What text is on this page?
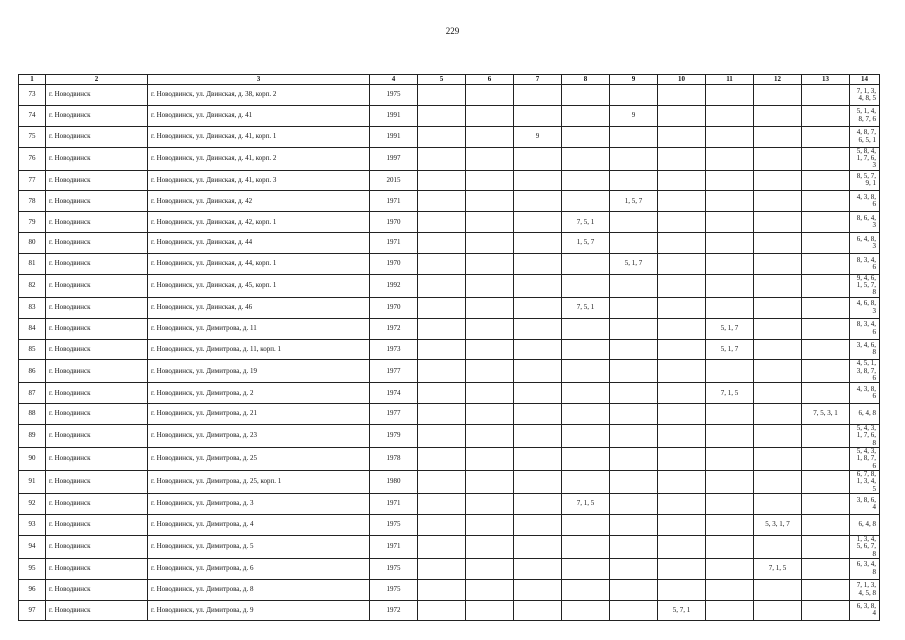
229
1	2	3	4	5	6	7	8	9	10	11	12	13	14
73	г. Новодвинск	г. Новодвинск, ул. Двинская, д. 38, корп. 2	1975										7, 1, 3, 4, 8, 5
74	г. Новодвинск	г. Новодвинск, ул. Двинская, д. 41	1991					9					5, 1, 4, 8, 7, 6
75	г. Новодвинск	г. Новодвинск, ул. Двинская, д. 41, корп. 1	1991			9							4, 8, 7, 6, 5, 1
76	г. Новодвинск	г. Новодвинск, ул. Двинская, д. 41, корп. 2	1997										5, 8, 4, 1, 7, 6, 3
77	г. Новодвинск	г. Новодвинск, ул. Двинская, д. 41, корп. 3	2015										8, 5, 7, 9, 1
78	г. Новодвинск	г. Новодвинск, ул. Двинская, д. 42	1971					1, 5, 7					4, 3, 8, 6
79	г. Новодвинск	г. Новодвинск, ул. Двинская, д. 42, корп. 1	1970				7, 5, 1						8, 6, 4, 3
80	г. Новодвинск	г. Новодвинск, ул. Двинская, д. 44	1971				1, 5, 7						6, 4, 8, 3
81	г. Новодвинск	г. Новодвинск, ул. Двинская, д. 44, корп. 1	1970					5, 1, 7					8, 3, 4, 6
82	г. Новодвинск	г. Новодвинск, ул. Двинская, д. 45, корп. 1	1992										9, 4, 6, 1, 5, 7, 8
83	г. Новодвинск	г. Новодвинск, ул. Двинская, д. 46	1970				7, 5, 1						4, 6, 8, 3
84	г. Новодвинск	г. Новодвинск, ул. Димитрова, д. 11	1972							5, 1, 7			8, 3, 4, 6
85	г. Новодвинск	г. Новодвинск, ул. Димитрова, д. 11, корп. 1	1973							5, 1, 7			3, 4, 6, 8
86	г. Новодвинск	г. Новодвинск, ул. Димитрова, д. 19	1977										4, 5, 1, 3, 8, 7, 6
87	г. Новодвинск	г. Новодвинск, ул. Димитрова, д. 2	1974							7, 1, 5			4, 3, 8, 6
88	г. Новодвинск	г. Новодвинск, ул. Димитрова, д. 21	1977									7, 5, 3, 1	6, 4, 8
89	г. Новодвинск	г. Новодвинск, ул. Димитрова, д. 23	1979										5, 4, 3, 1, 7, 6, 8
90	г. Новодвинск	г. Новодвинск, ул. Димитрова, д. 25	1978										5, 4, 3, 1, 8, 7, 6
91	г. Новодвинск	г. Новодвинск, ул. Димитрова, д. 25, корп. 1	1980										6, 7, 8, 1, 3, 4, 5
92	г. Новодвинск	г. Новодвинск, ул. Димитрова, д. 3	1971				7, 1, 5						3, 8, 6, 4
93	г. Новодвинск	г. Новодвинск, ул. Димитрова, д. 4	1975								5, 3, 1, 7		6, 4, 8
94	г. Новодвинск	г. Новодвинск, ул. Димитрова, д. 5	1971										1, 3, 4, 5, 6, 7, 8
95	г. Новодвинск	г. Новодвинск, ул. Димитрова, д. 6	1975								7, 1, 5		6, 3, 4, 8
96	г. Новодвинск	г. Новодвинск, ул. Димитрова, д. 8	1975										7, 1, 3, 4, 5, 8
97	г. Новодвинск	г. Новодвинск, ул. Димитрова, д. 9	1972						5, 7, 1				6, 3, 8, 4
